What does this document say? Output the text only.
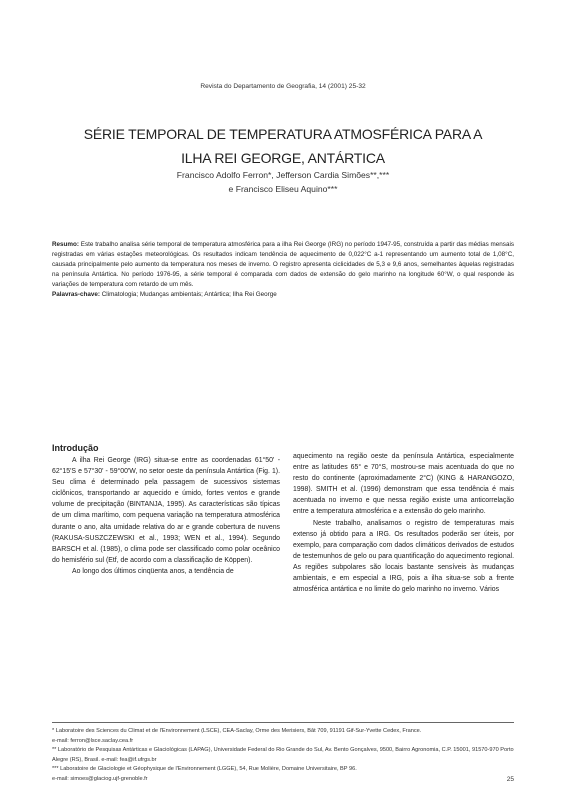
Revista do Departamento de Geografia, 14 (2001) 25-32
SÉRIE TEMPORAL DE TEMPERATURA ATMOSFÉRICA PARA A
ILHA REI GEORGE, ANTÁRTICA
Francisco Adolfo Ferron*, Jefferson Cardia Simões**,***
e Francisco Eliseu Aquino***
Resumo: Este trabalho analisa série temporal de temperatura atmosférica para a ilha Rei George (IRG) no período 1947-95, construída a partir das médias mensais registradas em várias estações meteorológicas. Os resultados indicam tendência de aquecimento de 0,022°C a-1 representando um aumento total de 1,08°C, causada principalmente pelo aumento da temperatura nos meses de inverno. O registro apresenta ciclicidades de 5,3 e 9,6 anos, semelhantes àquelas registradas na península Antártica. No período 1976-95, a série temporal é comparada com dados de extensão do gelo marinho na longitude 60°W, o qual responde às variações de temperatura com retardo de um mês.
Palavras-chave: Climatologia; Mudanças ambientais; Antártica; Ilha Rei George
Introdução

A ilha Rei George (IRG) situa-se entre as coordenadas 61°50' - 62°15'S e 57°30' - 59°00'W, no setor oeste da península Antártica (Fig. 1). Seu clima é determinado pela passagem de sucessivos sistemas ciclônicos, transportando ar aquecido e úmido, fortes ventos e grande volume de precipitação (BINTANJA, 1995). As características são típicas de um clima marítimo, com pequena variação na temperatura atmosférica durante o ano, alta umidade relativa do ar e grande cobertura de nuvens (RAKUSA-SUSZCZEWSKI et al., 1993; WEN et al., 1994). Segundo BARSCH et al. (1985), o clima pode ser classificado como polar oceânico do hemisfério sul (Etf, de acordo com a classificação de Köppen).

Ao longo dos últimos cinqüenta anos, a tendência de

aquecimento na região oeste da península Antártica, especialmente entre as latitudes 65° e 70°S, mostrou-se mais acentuada do que no resto do continente (aproximadamente 2°C) (KING & HARANGOZO, 1998). SMITH et al. (1996) demonstram que essa tendência é mais acentuada no inverno e que nessa região existe uma anticorrelação entre a temperatura atmosférica e a extensão do gelo marinho.

Neste trabalho, analisamos o registro de temperaturas mais extenso já obtido para a IRG. Os resultados poderão ser úteis, por exemplo, para comparação com dados climáticos derivados de estudos de testemunhos de gelo ou para quantificação do aquecimento regional. As regiões subpolares são locais bastante sensíveis às mudanças ambientais, e em especial a IRG, pois a ilha situa-se sob a frente atmosférica antártica e no limite do gelo marinho no inverno. Vários

* Laboratoire des Sciences du Climat et de l'Environnement (LSCE), CEA-Saclay, Orme des Merisiers, Bât 709, 91191 Gif-Sur-Yvette Cedex, France.

e-mail: ferron@lsce.saclay.cea.fr

** Laboratório de Pesquisas Antárticas e Glaciológicas (LAPAG), Universidade Federal do Rio Grande do Sul, Av. Bento Gonçalves, 9500, Bairro Agronomia, C.P. 15001, 91570-970 Porto Alegre (RS), Brasil. e-mail: fea@if.ufrgs.br

*** Laboratoire de Glaciologie et Géophysique de l'Environnement (LGGE), 54, Rue Molière, Domaine Universitaire, BP 96.

e-mail: simoes@glaciog.ujf-grenoble.fr	25
